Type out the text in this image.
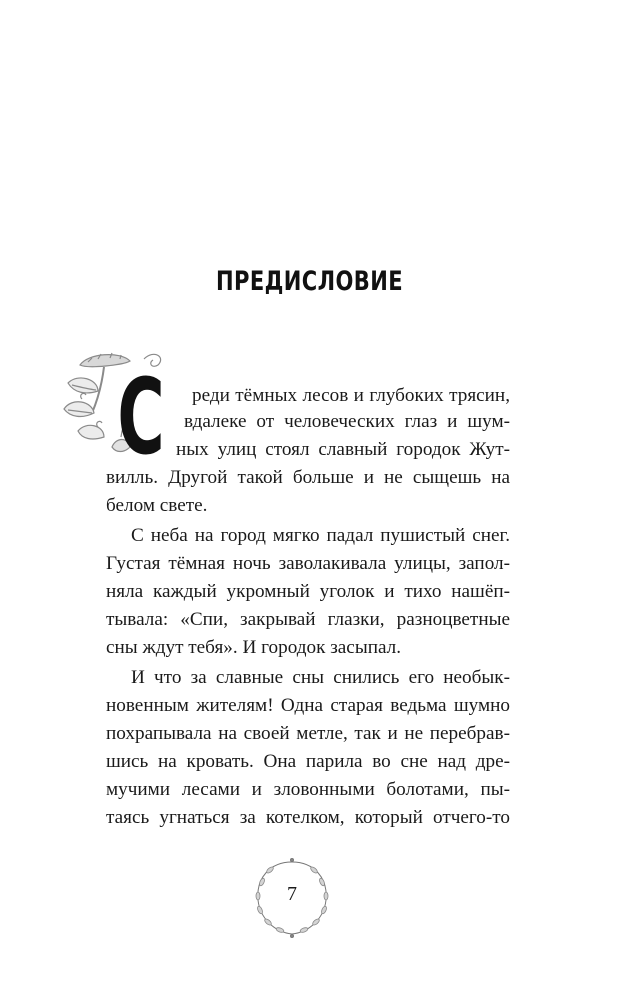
ПРЕДИСЛОВИЕ
С реди тёмных лесов и глубоких трясин,
вдалеке от человеческих глаз и шум-
ных улиц стоял славный городок Жут-
вилль. Другой такой больше и не сыщешь на
белом свете.
С неба на город мягко падал пушистый снег.
Густая тёмная ночь заволакивала улицы, запол-
няла каждый укромный уголок и тихо нашёп-
тывала: «Спи, закрывай глазки, разноцветные
сны ждут тебя». И городок засыпал.
И что за славные сны снились его необык-
новенным жителям! Одна старая ведьма шумно
похрапывала на своей метле, так и не перебрав-
шись на кровать. Она парила во сне над дре-
мучими лесами и зловонными болотами, пы-
таясь угнаться за котелком, который отчего-то
7
